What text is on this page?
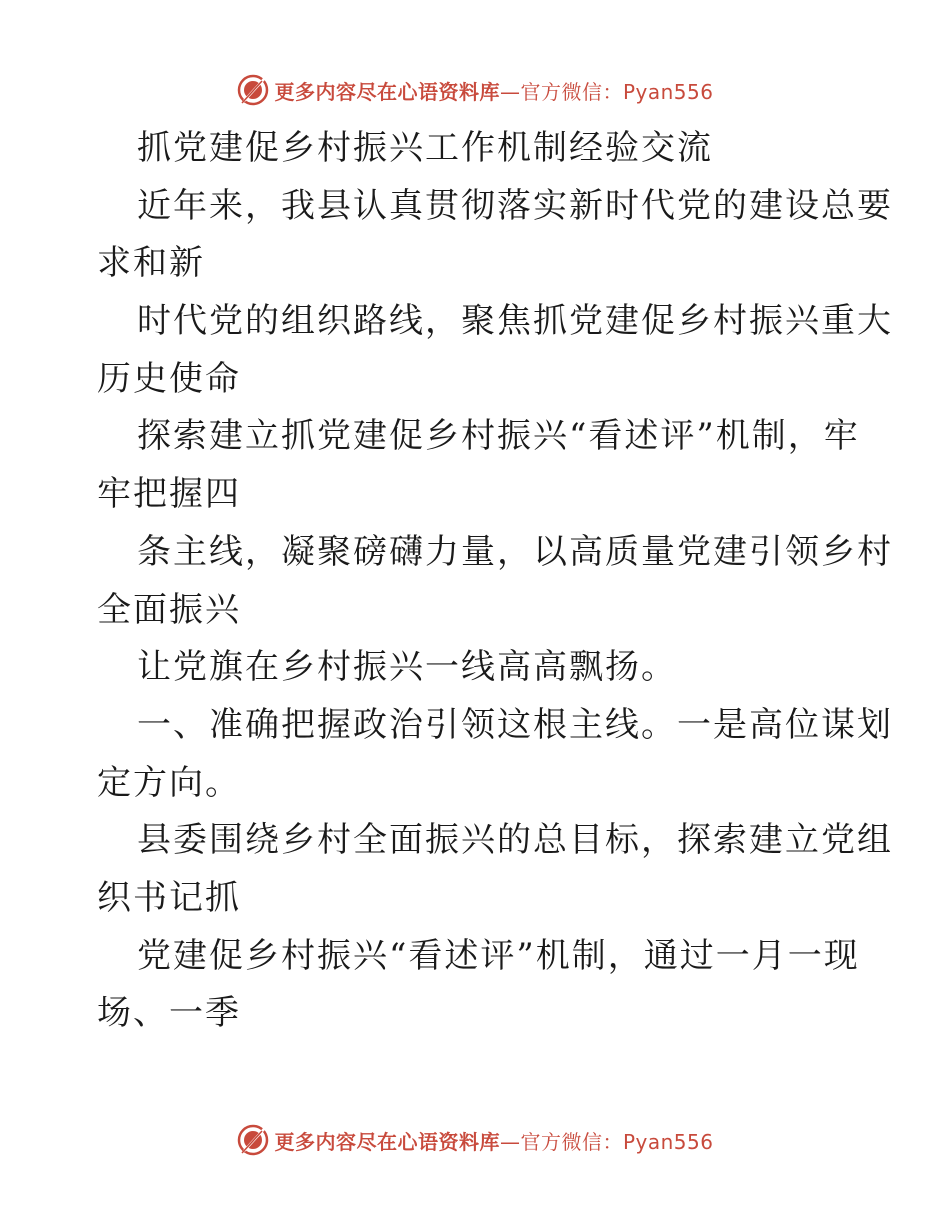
更多内容尽在心语资料库—官方微信：Pyan556
抓党建促乡村振兴工作机制经验交流
近年来，我县认真贯彻落实新时代党的建设总要
求和新
时代党的组织路线，聚焦抓党建促乡村振兴重大
历史使命
探索建立抓党建促乡村振兴“看述评”机制，牢
牢把握四
条主线，凝聚磅礴力量，以高质量党建引领乡村
全面振兴
让党旗在乡村振兴一线高高飘扬。
一、准确把握政治引领这根主线。一是高位谋划
定方向。
县委围绕乡村全面振兴的总目标，探索建立党组
织书记抓
党建促乡村振兴“看述评”机制，通过一月一现
场、一季
更多内容尽在心语资料库—官方微信：Pyan556
